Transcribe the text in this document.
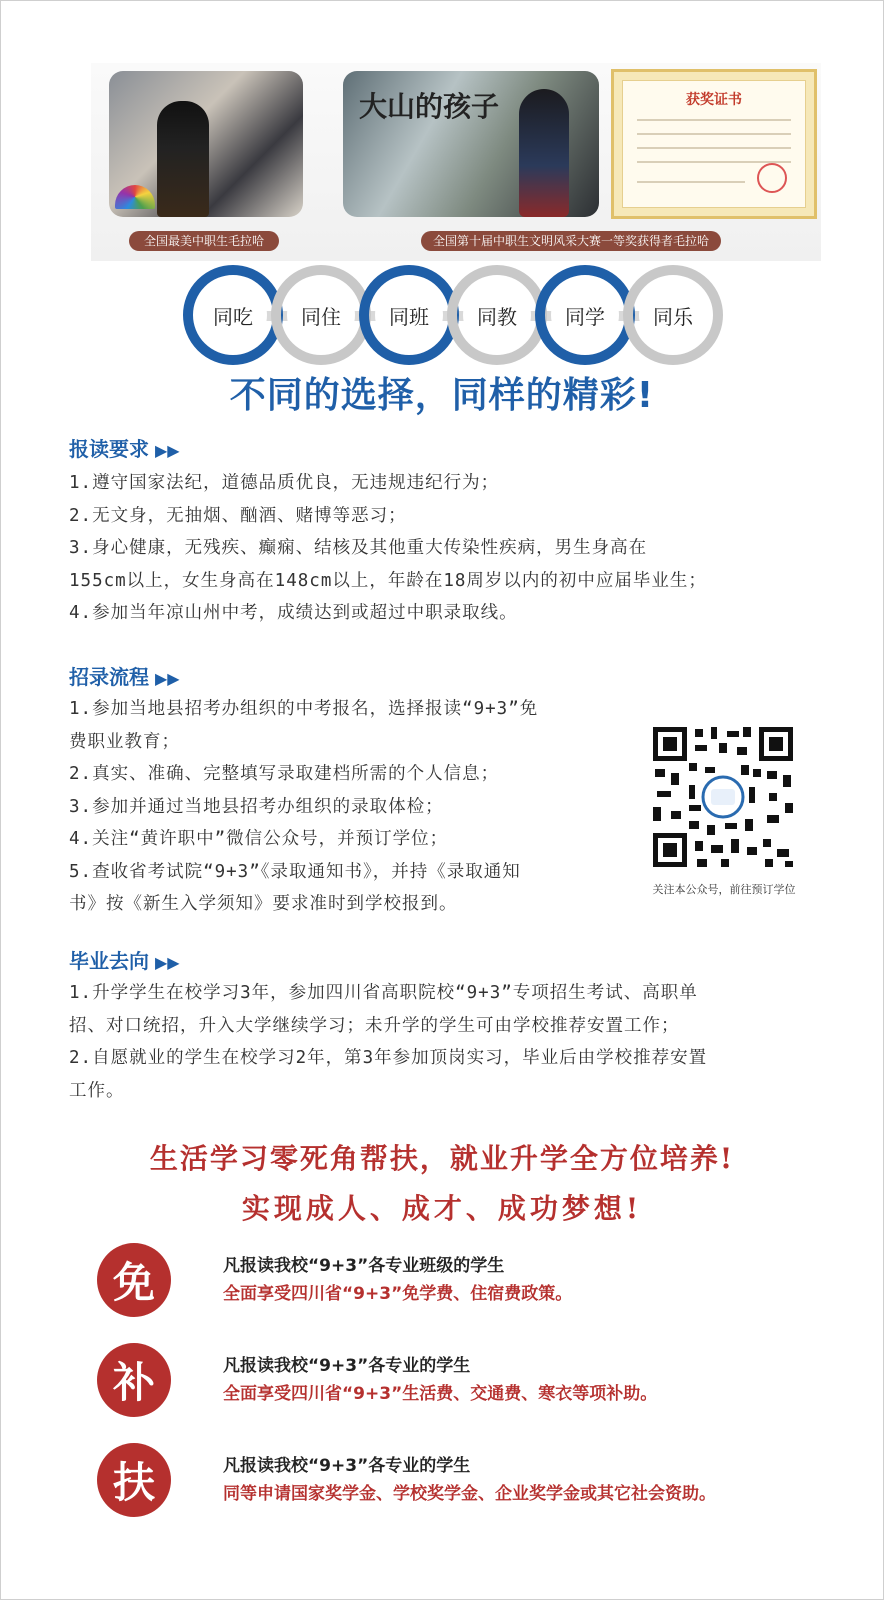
大山的孩子	获奖证书
全国最美中职生毛拉哈	全国第十届中职生文明风采大赛一等奖获得者毛拉哈
同吃	同住	同班	同教	同学	同乐
不同的选择，同样的精彩!
报读要求 ▶▶

1.遵守国家法纪，道德品质优良，无违规违纪行为；

2.无文身，无抽烟、酗酒、赌博等恶习；

3.身心健康，无残疾、癫痫、结核及其他重大传染性疾病，男生身高在

155cm以上，女生身高在148cm以上，年龄在18周岁以内的初中应届毕业生；

4.参加当年凉山州中考，成绩达到或超过中职录取线。

招录流程 ▶▶

1.参加当地县招考办组织的中考报名，选择报读“9+3”免

费职业教育；

2.真实、准确、完整填写录取建档所需的个人信息；

3.参加并通过当地县招考办组织的录取体检；

4.关注“黄许职中”微信公众号，并预订学位；

5.查收省考试院“9+3”《录取通知书》，并持《录取通知

书》按《新生入学须知》要求准时到学校报到。

关注本公众号，前往预订学位
毕业去向 ▶▶

1.升学学生在校学习3年，参加四川省高职院校“9+3”专项招生考试、高职单

招、对口统招，升入大学继续学习；未升学的学生可由学校推荐安置工作；

2.自愿就业的学生在校学习2年，第3年参加顶岗实习，毕业后由学校推荐安置

工作。

生活学习零死角帮扶，就业升学全方位培养!
实现成人、成才、成功梦想!
免	凡报读我校“9+3”各专业班级的学生
全面享受四川省“9+3”免学费、住宿费政策。
补	凡报读我校“9+3”各专业的学生
全面享受四川省“9+3”生活费、交通费、寒衣等项补助。
扶	凡报读我校“9+3”各专业的学生
同等申请国家奖学金、学校奖学金、企业奖学金或其它社会资助。
